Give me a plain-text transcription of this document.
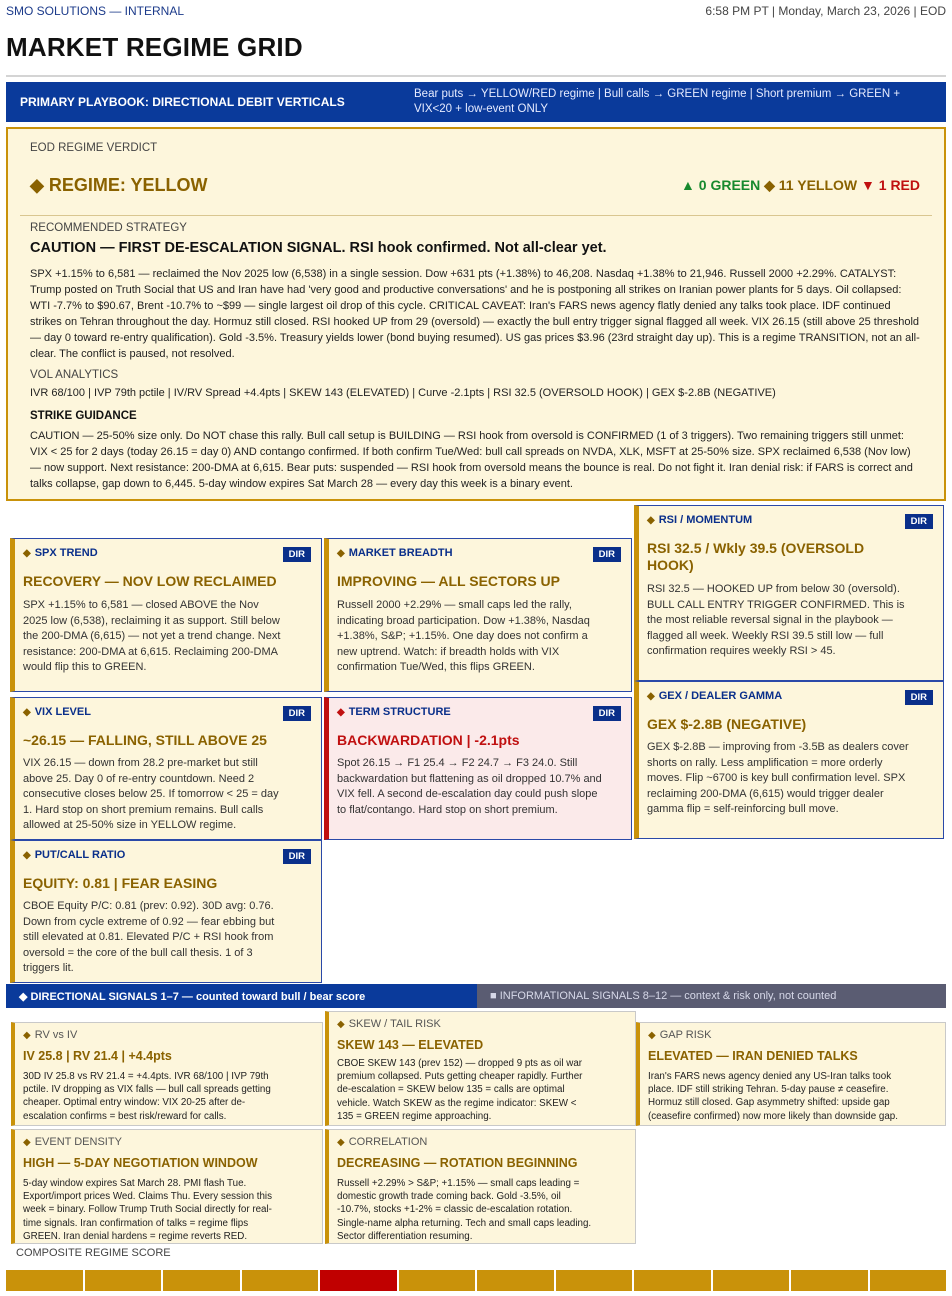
SMO SOLUTIONS — INTERNAL	6:58 PM PT | Monday, March 23, 2026 | EOD
MARKET REGIME GRID
PRIMARY PLAYBOOK: DIRECTIONAL DEBIT VERTICALS
Bear puts → YELLOW/RED regime | Bull calls → GREEN regime | Short premium → GREEN + VIX<20 + low-event ONLY
EOD REGIME VERDICT
◆ REGIME: YELLOW	▲ 0 GREEN ◆ 11 YELLOW ▼ 1 RED
RECOMMENDED STRATEGY
CAUTION — FIRST DE-ESCALATION SIGNAL. RSI hook confirmed. Not all-clear yet.
SPX +1.15% to 6,581 — reclaimed the Nov 2025 low (6,538) in a single session. Dow +631 pts (+1.38%) to 46,208. Nasdaq +1.38% to 21,946. Russell 2000 +2.29%. CATALYST: Trump posted on Truth Social that US and Iran have had 'very good and productive conversations' and he is postponing all strikes on Iranian power plants for 5 days. Oil collapsed: WTI -7.7% to $90.67, Brent -10.7% to ~$99 — single largest oil drop of this cycle. CRITICAL CAVEAT: Iran's FARS news agency flatly denied any talks took place. IDF continued strikes on Tehran throughout the day. Hormuz still closed. RSI hooked UP from 29 (oversold) — exactly the bull entry trigger signal flagged all week. VIX 26.15 (still above 25 threshold — day 0 toward re-entry qualification). Gold -3.5%. Treasury yields lower (bond buying resumed). US gas prices $3.96 (23rd straight day up). This is a regime TRANSITION, not an all-clear. The conflict is paused, not resolved.
VOL ANALYTICS
IVR 68/100 | IVP 79th pctile | IV/RV Spread +4.4pts | SKEW 143 (ELEVATED) | Curve -2.1pts | RSI 32.5 (OVERSOLD HOOK) | GEX $-2.8B (NEGATIVE)
STRIKE GUIDANCE
CAUTION — 25-50% size only. Do NOT chase this rally. Bull call setup is BUILDING — RSI hook from oversold is CONFIRMED (1 of 3 triggers). Two remaining triggers still unmet: VIX < 25 for 2 days (today 26.15 = day 0) AND contango confirmed. If both confirm Tue/Wed: bull call spreads on NVDA, XLK, MSFT at 25-50% size. SPX reclaimed 6,538 (Nov low) — now support. Next resistance: 200-DMA at 6,615. Bear puts: suspended — RSI hook from oversold means the bounce is real. Do not fight it. Iran denial risk: if FARS is correct and talks collapse, gap down to 6,445. 5-day window expires Sat March 28 — every day this week is a binary event.
◆ SPX TREND	DIR
RECOVERY — NOV LOW RECLAIMED
SPX +1.15% to 6,581 — closed ABOVE the Nov 2025 low (6,538), reclaiming it as support. Still below the 200-DMA (6,615) — not yet a trend change. Next resistance: 200-DMA at 6,615. Reclaiming 200-DMA would flip this to GREEN.
◆ MARKET BREADTH	DIR
IMPROVING — ALL SECTORS UP
Russell 2000 +2.29% — small caps led the rally, indicating broad participation. Dow +1.38%, Nasdaq +1.38%, S&P; +1.15%. One day does not confirm a new uptrend. Watch: if breadth holds with VIX confirmation Tue/Wed, this flips GREEN.
◆ RSI / MOMENTUM	DIR
RSI 32.5 / Wkly 39.5 (OVERSOLD HOOK)
RSI 32.5 — HOOKED UP from below 30 (oversold). BULL CALL ENTRY TRIGGER CONFIRMED. This is the most reliable reversal signal in the playbook — flagged all week. Weekly RSI 39.5 still low — full confirmation requires weekly RSI > 45.
◆ VIX LEVEL	DIR
~26.15 — FALLING, STILL ABOVE 25
VIX 26.15 — down from 28.2 pre-market but still above 25. Day 0 of re-entry countdown. Need 2 consecutive closes below 25. If tomorrow < 25 = day 1. Hard stop on short premium remains. Bull calls allowed at 25-50% size in YELLOW regime.
◆ TERM STRUCTURE	DIR
BACKWARDATION | -2.1pts
Spot 26.15 → F1 25.4 → F2 24.7 → F3 24.0. Still backwardation but flattening as oil dropped 10.7% and VIX fell. A second de-escalation day could push slope to flat/contango. Hard stop on short premium.
◆ GEX / DEALER GAMMA	DIR
GEX $-2.8B (NEGATIVE)
GEX $-2.8B — improving from -3.5B as dealers cover shorts on rally. Less amplification = more orderly moves. Flip ~6700 is key bull confirmation level. SPX reclaiming 200-DMA (6,615) would trigger dealer gamma flip = self-reinforcing bull move.
◆ PUT/CALL RATIO	DIR
EQUITY: 0.81 | FEAR EASING
CBOE Equity P/C: 0.81 (prev: 0.92). 30D avg: 0.76. Down from cycle extreme of 0.92 — fear ebbing but still elevated at 0.81. Elevated P/C + RSI hook from oversold = the core of the bull call thesis. 1 of 3 triggers lit.
◆ DIRECTIONAL SIGNALS 1–7 — counted toward bull / bear score	■ INFORMATIONAL SIGNALS 8–12 — context & risk only, not counted
◆ RV vs IV
IV 25.8 | RV 21.4 | +4.4pts
30D IV 25.8 vs RV 21.4 = +4.4pts. IVR 68/100 | IVP 79th pctile. IV dropping as VIX falls — bull call spreads getting cheaper. Optimal entry window: VIX 20-25 after de-escalation confirms = best risk/reward for calls.
◆ SKEW / TAIL RISK
SKEW 143 — ELEVATED
CBOE SKEW 143 (prev 152) — dropped 9 pts as oil war premium collapsed. Puts getting cheaper rapidly. Further de-escalation = SKEW below 135 = calls are optimal vehicle. Watch SKEW as the regime indicator: SKEW < 135 = GREEN regime approaching.
◆ GAP RISK
ELEVATED — IRAN DENIED TALKS
Iran's FARS news agency denied any US-Iran talks took place. IDF still striking Tehran. 5-day pause ≠ ceasefire. Hormuz still closed. Gap asymmetry shifted: upside gap (ceasefire confirmed) now more likely than downside gap.
◆ EVENT DENSITY
HIGH — 5-DAY NEGOTIATION WINDOW
5-day window expires Sat March 28. PMI flash Tue. Export/import prices Wed. Claims Thu. Every session this week = binary. Follow Trump Truth Social directly for real-time signals. Iran confirmation of talks = regime flips GREEN. Iran denial hardens = regime reverts RED.
◆ CORRELATION
DECREASING — ROTATION BEGINNING
Russell +2.29% > S&P; +1.15% — small caps leading = domestic growth trade coming back. Gold -3.5%, oil -10.7%, stocks +1-2% = classic de-escalation rotation. Single-name alpha returning. Tech and small caps leading. Sector differentiation resuming.
COMPOSITE REGIME SCORE
